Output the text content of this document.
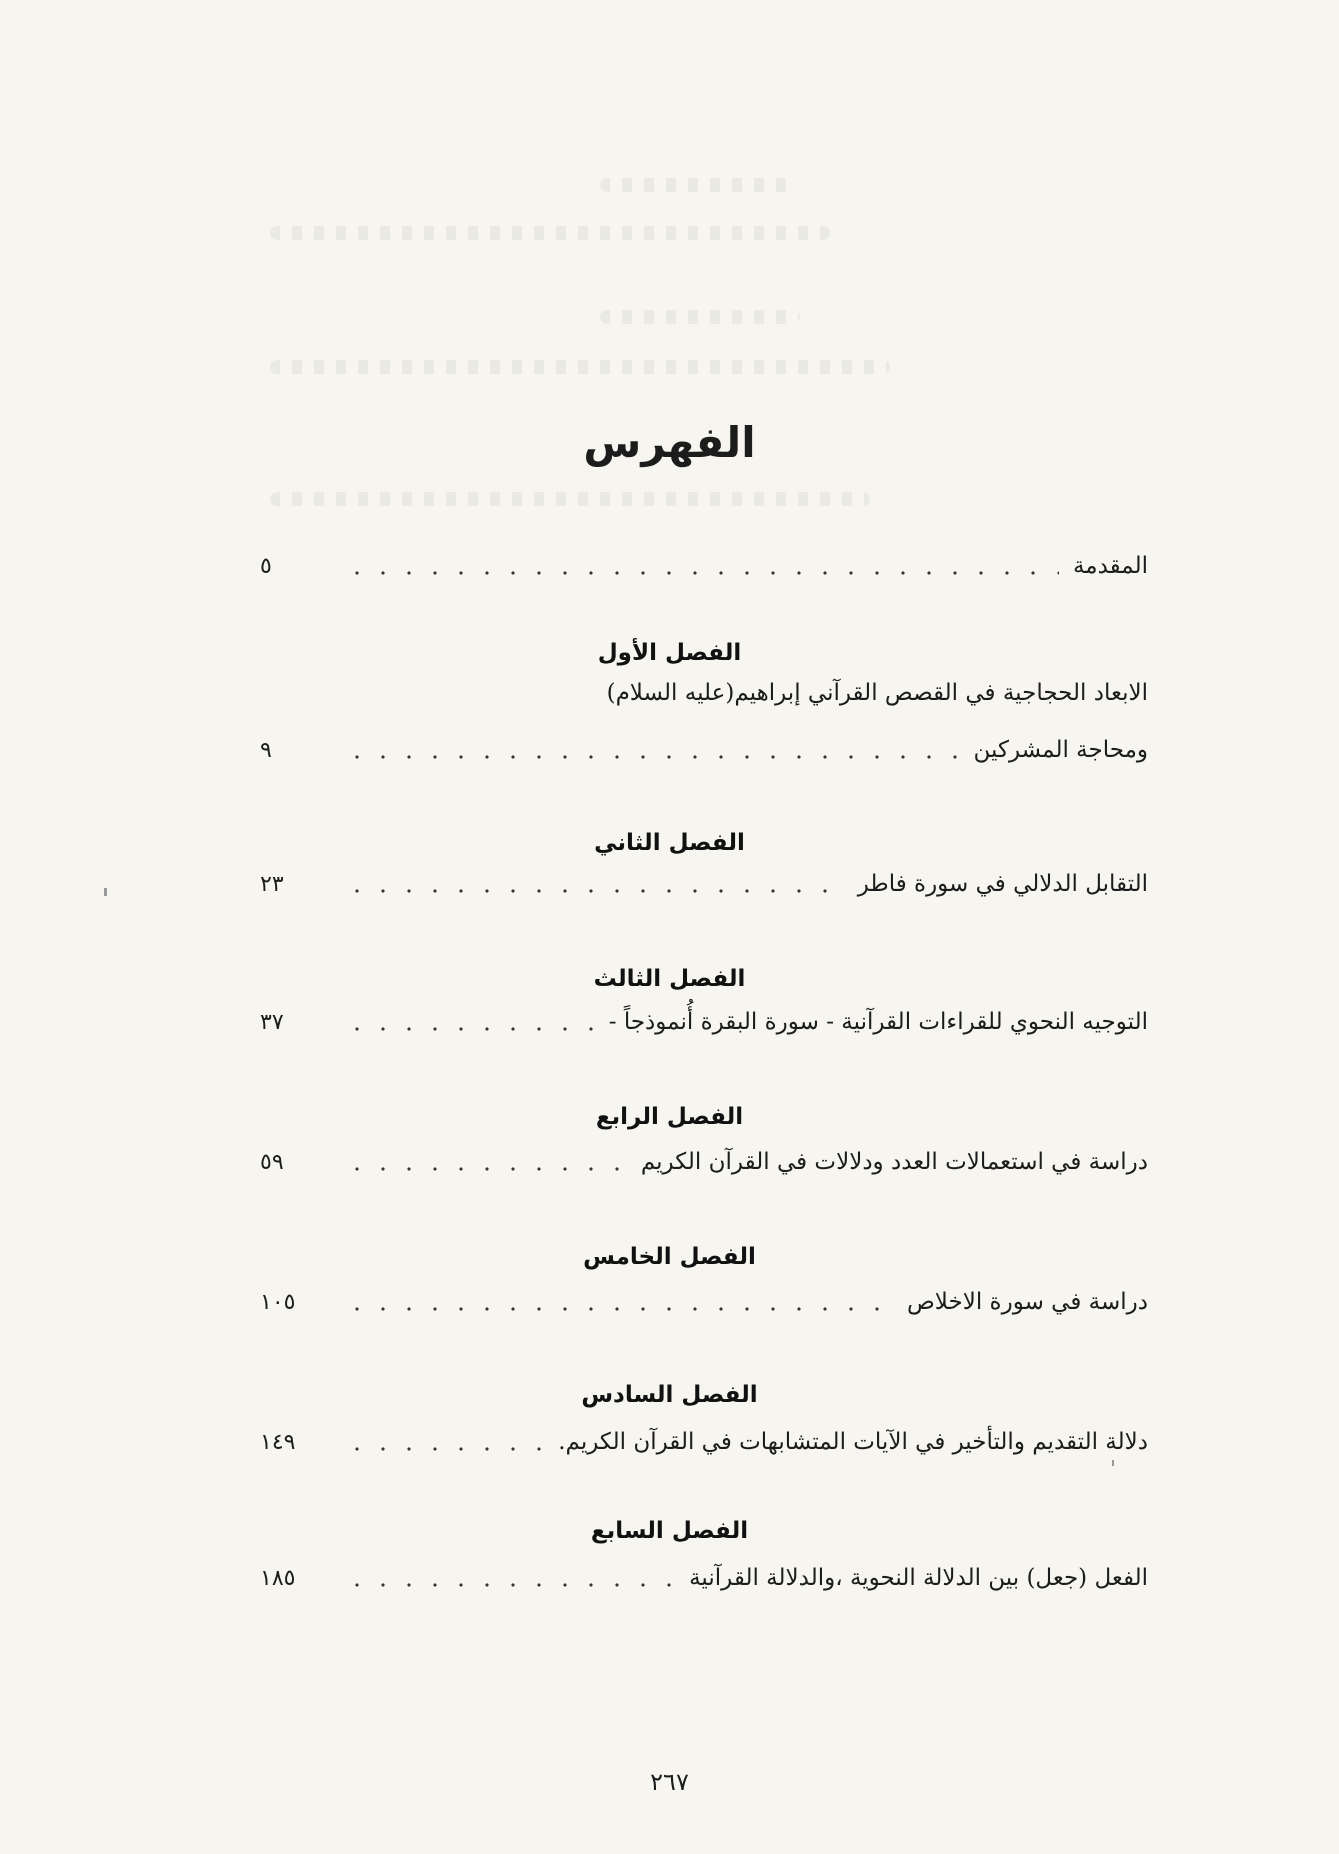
الفهرس
المقدمة
٥
الفصل الأول
الابعاد الحجاجية في القصص القرآني إبراهيم(عليه السلام)
ومحاجة المشركين
٩
الفصل الثاني
التقابل الدلالي في سورة فاطر
٢٣
الفصل الثالث
التوجيه النحوي للقراءات القرآنية - سورة البقرة أُنموذجاً -
٣٧
الفصل الرابع
دراسة في استعمالات العدد ودلالات في القرآن الكريم
٥٩
الفصل الخامس
دراسة في سورة الاخلاص
١٠٥
الفصل السادس
دلالة التقديم والتأخير في الآيات المتشابهات في القرآن الكريم.
١٤٩
الفصل السابع
الفعل (جعل) بين الدلالة النحوية ،والدلالة القرآنية
١٨٥
٢٦٧
